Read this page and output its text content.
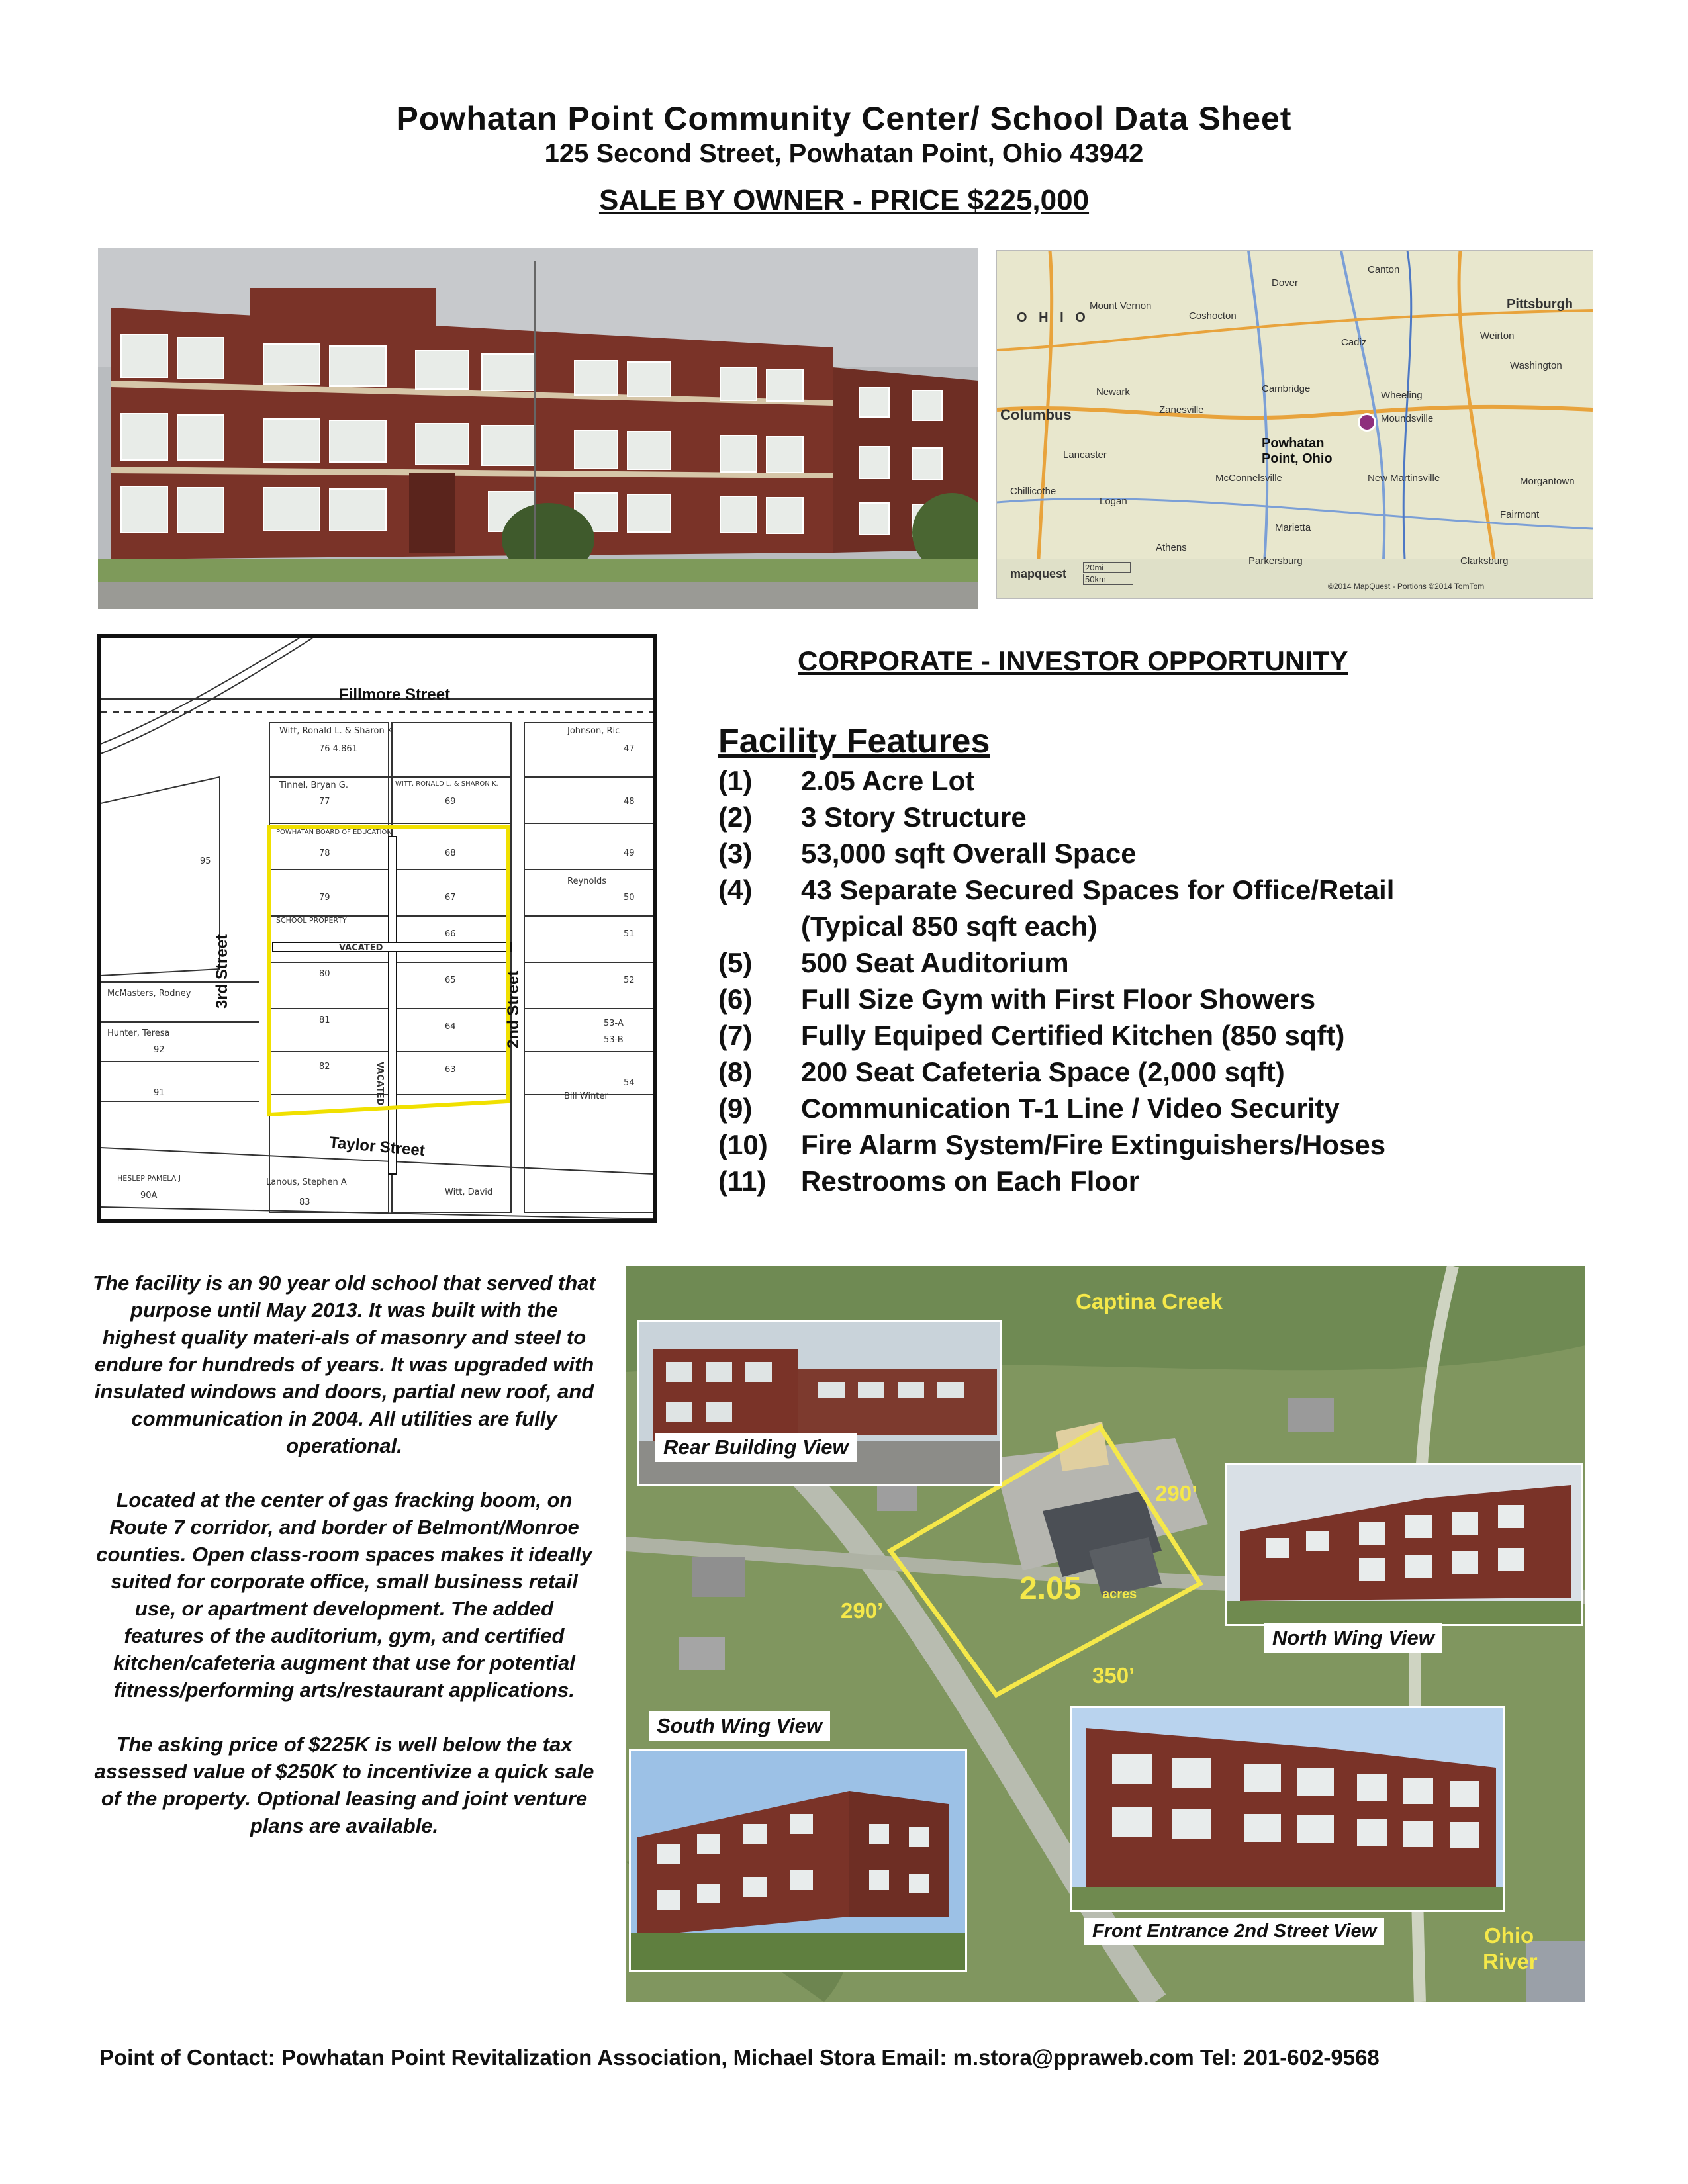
Powhatan Point Community Center/ School Data Sheet
125 Second Street, Powhatan Point, Ohio 43942
SALE BY OWNER - PRICE $225,000
O H I O
Columbus
Newark
Zanesville
Coshocton
Mount Vernon
Dover
Wheeling
Pittsburgh
Washington
Cambridge
Lancaster
Logan
Chillicothe
McConnelsville
Marietta
Parkersburg
Moundsville
New Martinsville	Morgantown
Clarksburg
Fairmont
Athens
Cadiz
Canton
Weirton
Powhatan
Point, Ohio
mapquest 20mi
50km
©2014 MapQuest - Portions ©2014 TomTom
Fillmore Street
Taylor Street
3rd Street	2nd Street
VACATED
VACATED
Witt, Ronald L. & Sharon K
76 4.861
Tinnel, Bryan G.
77
POWHATAN BOARD OF EDUCATION
78
79
SCHOOL PROPERTY
80
81
82
WITT, RONALD L. & SHARON K.
69
68
67
66
65
64
63
Johnson, Ric
47
48
49
Reynolds
50
51
52
53-A
53-B
54
Bill Winter
McMasters, Rodney
95
Hunter, Teresa
92
91
Lanous, Stephen A
83
Witt, David
HESLEP PAMELA J
90A
CORPORATE - INVESTOR OPPORTUNITY
Facility Features
(1)	2.05 Acre Lot
(2)	3 Story Structure
(3)	53,000 sqft Overall Space
(4)	43 Separate Secured Spaces for Office/Retail
(Typical 850 sqft each)
(5)	500 Seat Auditorium
(6)	Full Size Gym with First Floor Showers
(7)	Fully Equiped Certified Kitchen (850 sqft)
(8)	200 Seat Cafeteria Space (2,000 sqft)
(9)	Communication T-1 Line / Video Security
(10)	Fire Alarm System/Fire Extinguishers/Hoses
(11)	Restrooms on Each Floor

The facility is an 90 year old school that served that purpose until May 2013. It was built with the highest quality materi-als of masonry and steel to endure for hundreds of years. It was upgraded with insulated windows and doors, partial new roof, and communication in 2004. All utilities are fully operational.

Located at the center of gas fracking boom, on Route 7 corridor, and border of Belmont/Monroe counties. Open class-room spaces makes it ideally suited for corporate office, small business retail use, or apartment development. The added features of the auditorium, gym, and certified kitchen/cafeteria augment that use for potential fitness/performing arts/restaurant applications.

The asking price of $225K is well below the tax assessed value of $250K to incentivize a quick sale of the property. Optional leasing and joint venture plans are available.

Captina Creek
Ohio
River
290’
290’
350’
2.05 acres
Rear Building View
North Wing View
South Wing View
Front Entrance 2nd Street View
Point of Contact: Powhatan Point Revitalization Association, Michael Stora Email: m.stora@ppraweb.com Tel: 201-602-9568
